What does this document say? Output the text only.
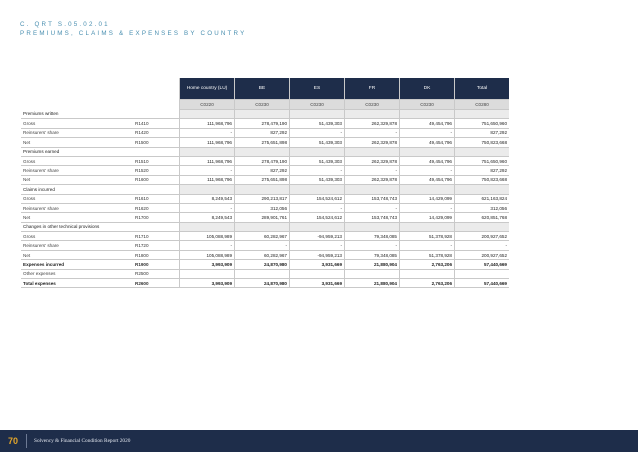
C. QRT S.05.02.01
PREMIUMS, CLAIMS & EXPENSES BY COUNTRY
		Home country (LU)	BE	ES	FR	DK	Total
		C0220	C0230	C0230	C0230	C0230	C0280
Premiums written							
Gross	R1410	111,968,796	278,479,190	51,439,303	262,329,878	49,454,796	751,650,960
Reinsurers' share	R1420	-	827,292	-	-	-	827,292
Net	R1500	111,968,796	275,651,898	51,439,303	262,329,878	49,454,796	750,823,668
Premiums earned							
Gross	R1510	111,968,796	278,479,190	51,439,303	262,329,878	49,454,796	751,650,960
Reinsurers' share	R1520	-	827,292	-	-	-	827,292
Net	R1600	111,968,796	275,651,898	51,439,303	262,329,878	49,454,796	750,823,668
Claims incurred							
Gross	R1610	8,249,543	290,213,817	154,524,612	153,748,743	14,429,099	621,163,824
Reinsurers' share	R1620	-	312,056	-	-	-	312,056
Net	R1700	8,249,543	289,901,761	154,524,612	153,748,743	14,429,099	620,851,768
Changes in other technical provisions							
Gross	R1710	105,088,989	60,282,967	-94,959,213	79,348,085	51,378,928	200,927,652
Reinsurers' share	R1720	-	-	-	-	-	-
Net	R1800	105,088,989	60,282,967	-94,959,213	79,348,085	51,378,928	200,927,652
Expenses incurred	R1900	3,993,909	24,870,980	3,931,669	21,880,904	2,763,206	57,440,669
Other expenses	R2500						
Total expenses	R2600	3,993,909	24,870,980	3,931,669	21,880,904	2,763,206	57,440,669
70	Solvency & Financial Condition Report 2020
